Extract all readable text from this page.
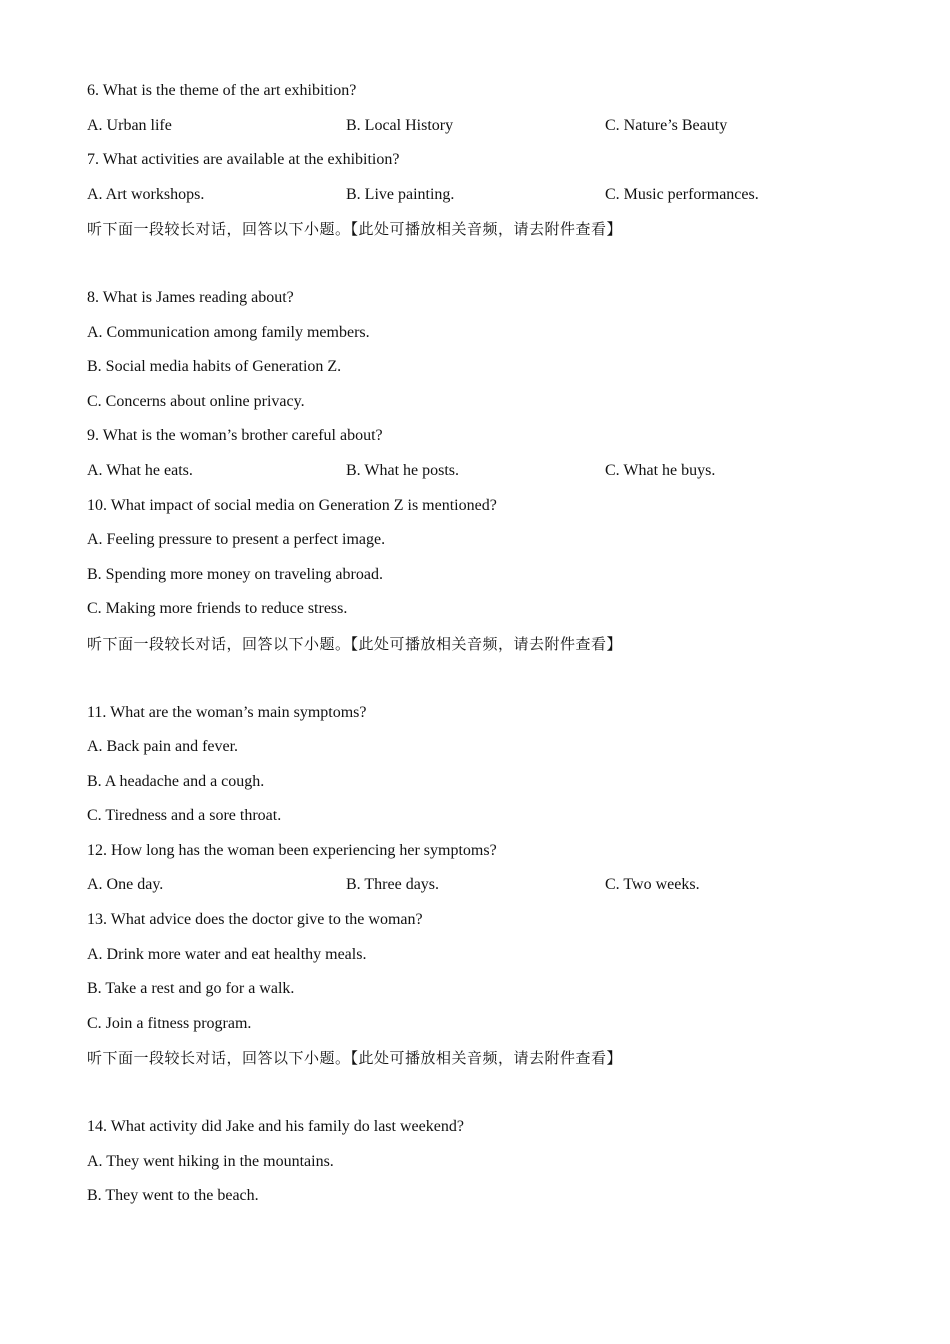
6. What is the theme of the art exhibition?
A. Urban life	B. Local History	C. Nature’s Beauty
7. What activities are available at the exhibition?
A. Art workshops.	B. Live painting.	C. Music performances.
听下面一段较长对话，回答以下小题。【此处可播放相关音频，请去附件查看】
8. What is James reading about?
A. Communication among family members.
B. Social media habits of Generation Z.
C. Concerns about online privacy.
9. What is the woman’s brother careful about?
A. What he eats.	B. What he posts.	C. What he buys.
10. What impact of social media on Generation Z is mentioned?
A. Feeling pressure to present a perfect image.
B. Spending more money on traveling abroad.
C. Making more friends to reduce stress.
听下面一段较长对话，回答以下小题。【此处可播放相关音频，请去附件查看】
11. What are the woman’s main symptoms?
A. Back pain and fever.
B. A headache and a cough.
C. Tiredness and a sore throat.
12. How long has the woman been experiencing her symptoms?
A. One day.	B. Three days.	C. Two weeks.
13. What advice does the doctor give to the woman?
A. Drink more water and eat healthy meals.
B. Take a rest and go for a walk.
C. Join a fitness program.
听下面一段较长对话，回答以下小题。【此处可播放相关音频，请去附件查看】
14. What activity did Jake and his family do last weekend?
A. They went hiking in the mountains.
B. They went to the beach.
